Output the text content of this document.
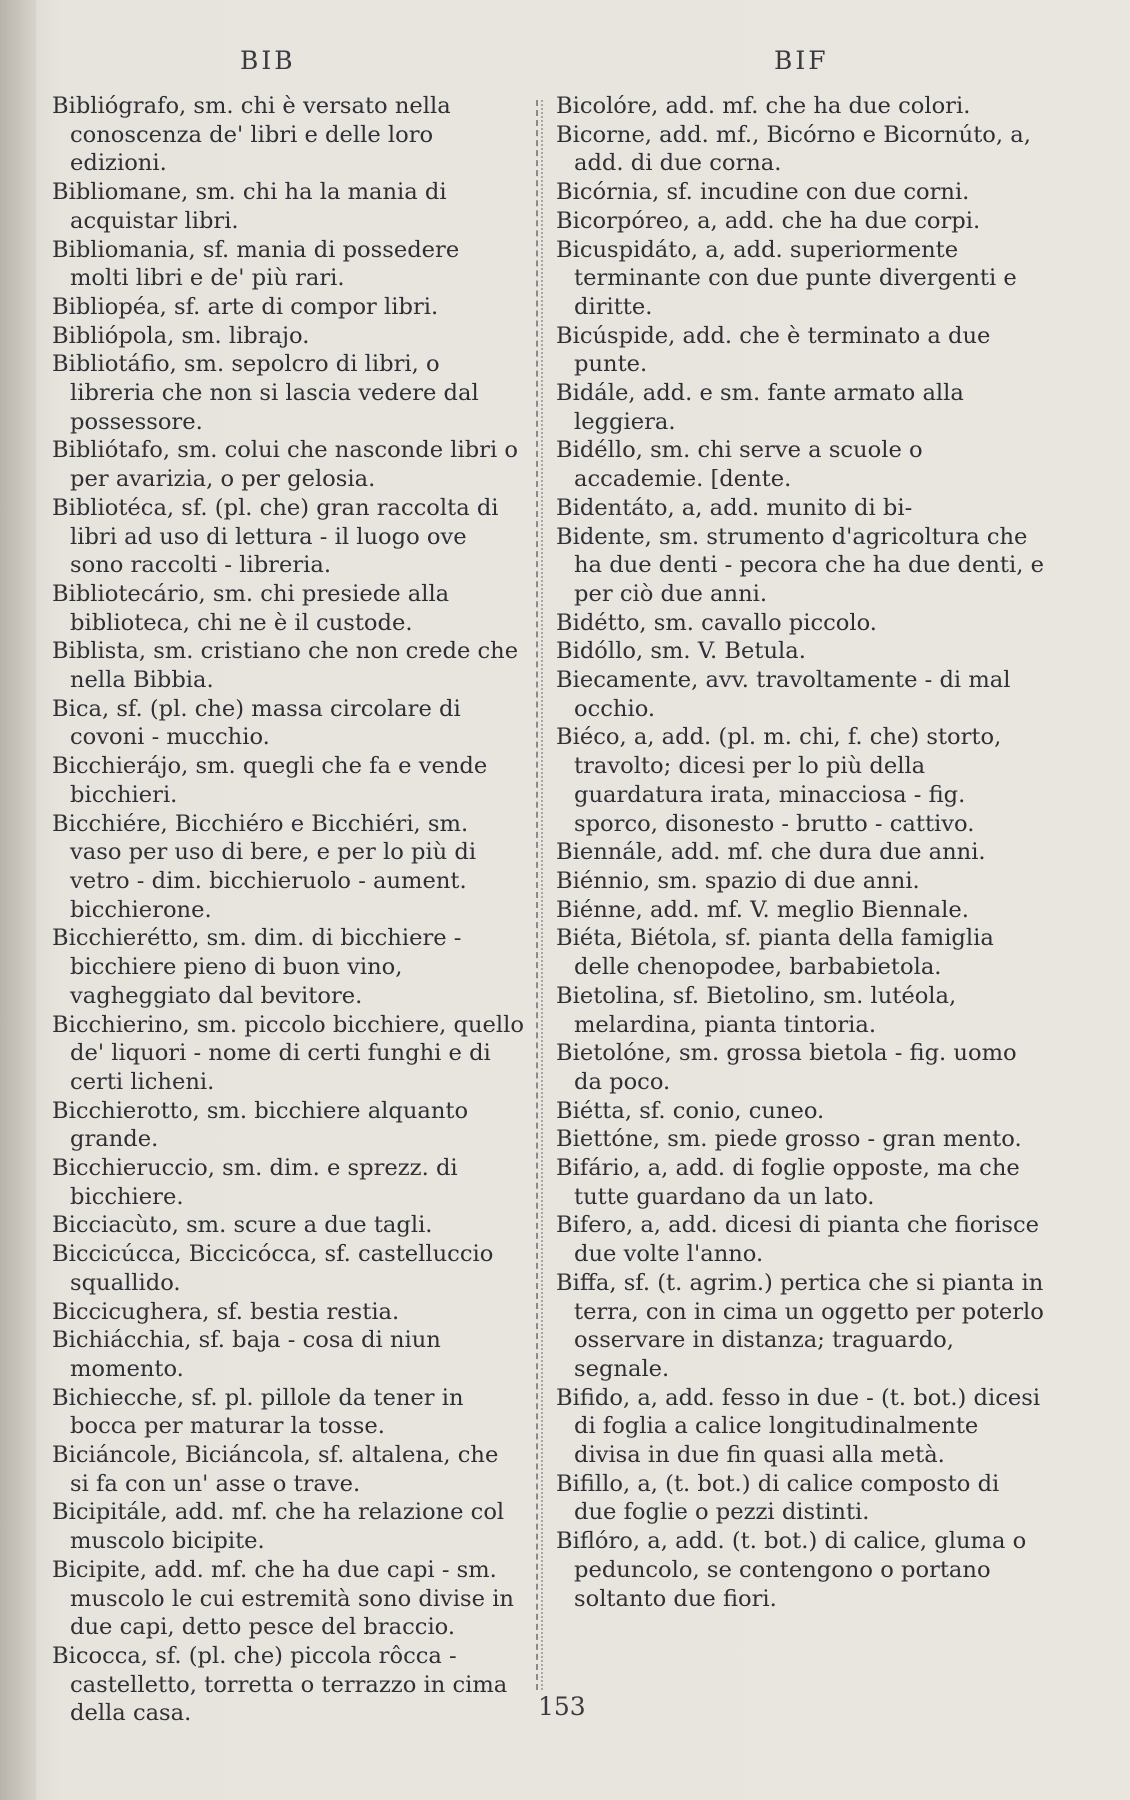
BIB	BIF

Bibliógrafo, sm. chi è versato nella conoscenza de' libri e delle loro edizioni.

Bibliomane, sm. chi ha la mania di acquistar libri.

Bibliomania, sf. mania di possedere molti libri e de' più rari.

Bibliopéa, sf. arte di compor libri.

Bibliópola, sm. librajo.

Bibliotáfio, sm. sepolcro di libri, o libreria che non si lascia vedere dal possessore.

Bibliótafo, sm. colui che nasconde libri o per avarizia, o per gelosia.

Bibliotéca, sf. (pl. che) gran raccolta di libri ad uso di lettura - il luogo ove sono raccolti - libreria.

Bibliotecário, sm. chi presiede alla biblioteca, chi ne è il custode.

Biblista, sm. cristiano che non crede che nella Bibbia.

Bica, sf. (pl. che) massa circolare di covoni - mucchio.

Bicchierájo, sm. quegli che fa e vende bicchieri.

Bicchiére, Bicchiéro e Bicchiéri, sm. vaso per uso di bere, e per lo più di vetro - dim. bicchieruolo - aument. bicchierone.

Bicchierétto, sm. dim. di bicchiere - bicchiere pieno di buon vino, vagheggiato dal bevitore.

Bicchierino, sm. piccolo bicchiere, quello de' liquori - nome di certi funghi e di certi licheni.

Bicchierotto, sm. bicchiere alquanto grande.

Bicchieruccio, sm. dim. e sprezz. di bicchiere.

Bicciacùto, sm. scure a due tagli.

Biccicúcca, Biccicócca, sf. castelluccio squallido.

Biccicughera, sf. bestia restia.

Bichiácchia, sf. baja - cosa di niun momento.

Bichiecche, sf. pl. pillole da tener in bocca per maturar la tosse.

Biciáncole, Biciáncola, sf. altalena, che si fa con un' asse o trave.

Bicipitále, add. mf. che ha relazione col muscolo bicipite.

Bicipite, add. mf. che ha due capi - sm. muscolo le cui estremità sono divise in due capi, detto pesce del braccio.

Bicocca, sf. (pl. che) piccola rôcca - castelletto, torretta o terrazzo in cima della casa.

Bicolóre, add. mf. che ha due colori.

Bicorne, add. mf., Bicórno e Bicornúto, a, add. di due corna.

Bicórnia, sf. incudine con due corni.

Bicorpóreo, a, add. che ha due corpi.

Bicuspidáto, a, add. superiormente terminante con due punte divergenti e diritte.

Bicúspide, add. che è terminato a due punte.

Bidále, add. e sm. fante armato alla leggiera.

Bidéllo, sm. chi serve a scuole o accademie. [dente.

Bidentáto, a, add. munito di bi-

Bidente, sm. strumento d'agricoltura che ha due denti - pecora che ha due denti, e per ciò due anni.

Bidétto, sm. cavallo piccolo.

Bidóllo, sm. V. Betula.

Biecamente, avv. travoltamente - di mal occhio.

Biéco, a, add. (pl. m. chi, f. che) storto, travolto; dicesi per lo più della guardatura irata, minacciosa - fig. sporco, disonesto - brutto - cattivo.

Biennále, add. mf. che dura due anni.

Biénnio, sm. spazio di due anni.

Biénne, add. mf. V. meglio Biennale.

Biéta, Biétola, sf. pianta della famiglia delle chenopodee, barbabietola.

Bietolina, sf. Bietolino, sm. lutéola, melardina, pianta tintoria.

Bietolóne, sm. grossa bietola - fig. uomo da poco.

Biétta, sf. conio, cuneo.

Biettóne, sm. piede grosso - gran mento.

Bifário, a, add. di foglie opposte, ma che tutte guardano da un lato.

Bifero, a, add. dicesi di pianta che fiorisce due volte l'anno.

Biffa, sf. (t. agrim.) pertica che si pianta in terra, con in cima un oggetto per poterlo osservare in distanza; traguardo, segnale.

Bifido, a, add. fesso in due - (t. bot.) dicesi di foglia a calice longitudinalmente divisa in due fin quasi alla metà.

Bifillo, a, (t. bot.) di calice composto di due foglie o pezzi distinti.

Biflóro, a, add. (t. bot.) di calice, gluma o peduncolo, se contengono o portano soltanto due fiori.

153
